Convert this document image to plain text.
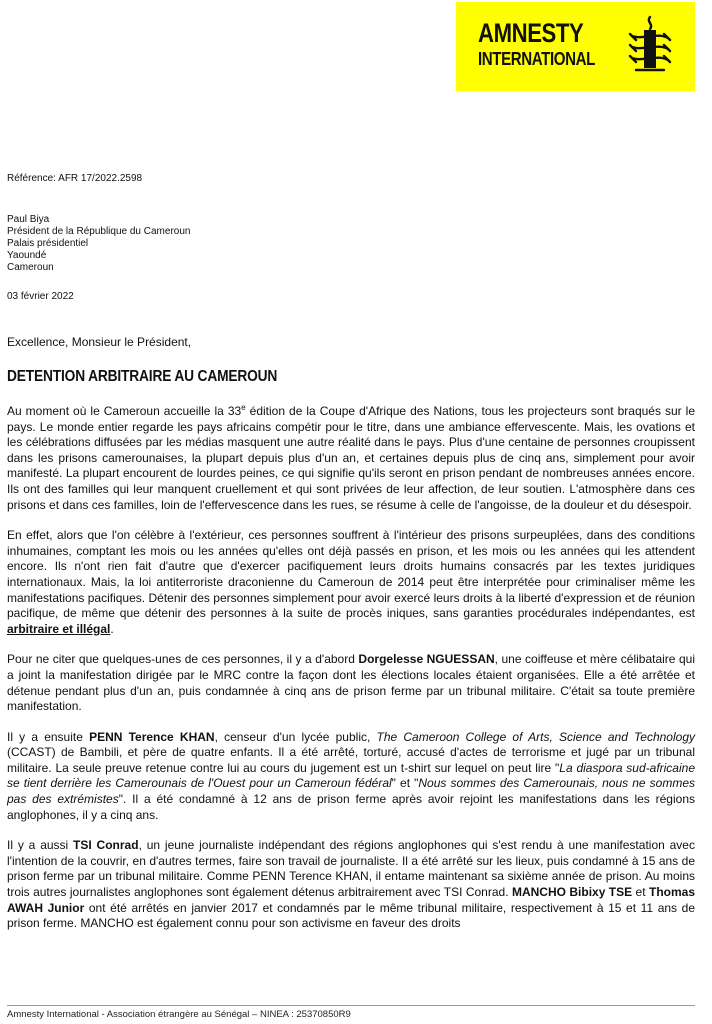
AMNESTY
INTERNATIONAL
Référence: AFR 17/2022.2598
Paul Biya
Président de la République du Cameroun
Palais présidentiel
Yaoundé
Cameroun
03 février 2022
Excellence, Monsieur le Président,
DETENTION ARBITRAIRE AU CAMEROUN

Au moment où le Cameroun accueille la 33e édition de la Coupe d'Afrique des Nations, tous les projecteurs sont braqués sur le pays. Le monde entier regarde les pays africains compétir pour le titre, dans une ambiance effervescente. Mais, les ovations et les célébrations diffusées par les médias masquent une autre réalité dans le pays. Plus d'une centaine de personnes croupissent dans les prisons camerounaises, la plupart depuis plus d'un an, et certaines depuis plus de cinq ans, simplement pour avoir manifesté. La plupart encourent de lourdes peines, ce qui signifie qu'ils seront en prison pendant de nombreuses années encore. Ils ont des familles qui leur manquent cruellement et qui sont privées de leur affection, de leur soutien. L'atmosphère dans ces prisons et dans ces familles, loin de l'effervescence dans les rues, se résume à celle de l'angoisse, de la douleur et du désespoir.

En effet, alors que l'on célèbre à l'extérieur, ces personnes souffrent à l'intérieur des prisons surpeuplées, dans des conditions inhumaines, comptant les mois ou les années qu'elles ont déjà passés en prison, et les mois ou les années qui les attendent encore. Ils n'ont rien fait d'autre que d'exercer pacifiquement leurs droits humains consacrés par les textes juridiques internationaux. Mais, la loi antiterroriste draconienne du Cameroun de 2014 peut être interprétée pour criminaliser même les manifestations pacifiques. Détenir des personnes simplement pour avoir exercé leurs droits à la liberté d'expression et de réunion pacifique, de même que détenir des personnes à la suite de procès iniques, sans garanties procédurales indépendantes, est arbitraire et illégal.

Pour ne citer que quelques-unes de ces personnes, il y a d'abord Dorgelesse NGUESSAN, une coiffeuse et mère célibataire qui a joint la manifestation dirigée par le MRC contre la façon dont les élections locales étaient organisées. Elle a été arrêtée et détenue pendant plus d'un an, puis condamnée à cinq ans de prison ferme par un tribunal militaire. C'était sa toute première manifestation.

Il y a ensuite PENN Terence KHAN, censeur d'un lycée public, The Cameroon College of Arts, Science and Technology (CCAST) de Bambili, et père de quatre enfants. Il a été arrêté, torturé, accusé d'actes de terrorisme et jugé par un tribunal militaire. La seule preuve retenue contre lui au cours du jugement est un t-shirt sur lequel on peut lire "La diaspora sud-africaine se tient derrière les Camerounais de l'Ouest pour un Cameroun fédéral" et "Nous sommes des Camerounais, nous ne sommes pas des extrémistes". Il a été condamné à 12 ans de prison ferme après avoir rejoint les manifestations dans les régions anglophones, il y a cinq ans.

Il y a aussi TSI Conrad, un jeune journaliste indépendant des régions anglophones qui s'est rendu à une manifestation avec l'intention de la couvrir, en d'autres termes, faire son travail de journaliste. Il a été arrêté sur les lieux, puis condamné à 15 ans de prison ferme par un tribunal militaire. Comme PENN Terence KHAN, il entame maintenant sa sixième année de prison. Au moins trois autres journalistes anglophones sont également détenus arbitrairement avec TSI Conrad. MANCHO Bibixy TSE et Thomas AWAH Junior ont été arrêtés en janvier 2017 et condamnés par le même tribunal militaire, respectivement à 15 et 11 ans de prison ferme. MANCHO est également connu pour son activisme en faveur des droits

Amnesty International - Association étrangère au Sénégal – NINEA : 25370850R9
